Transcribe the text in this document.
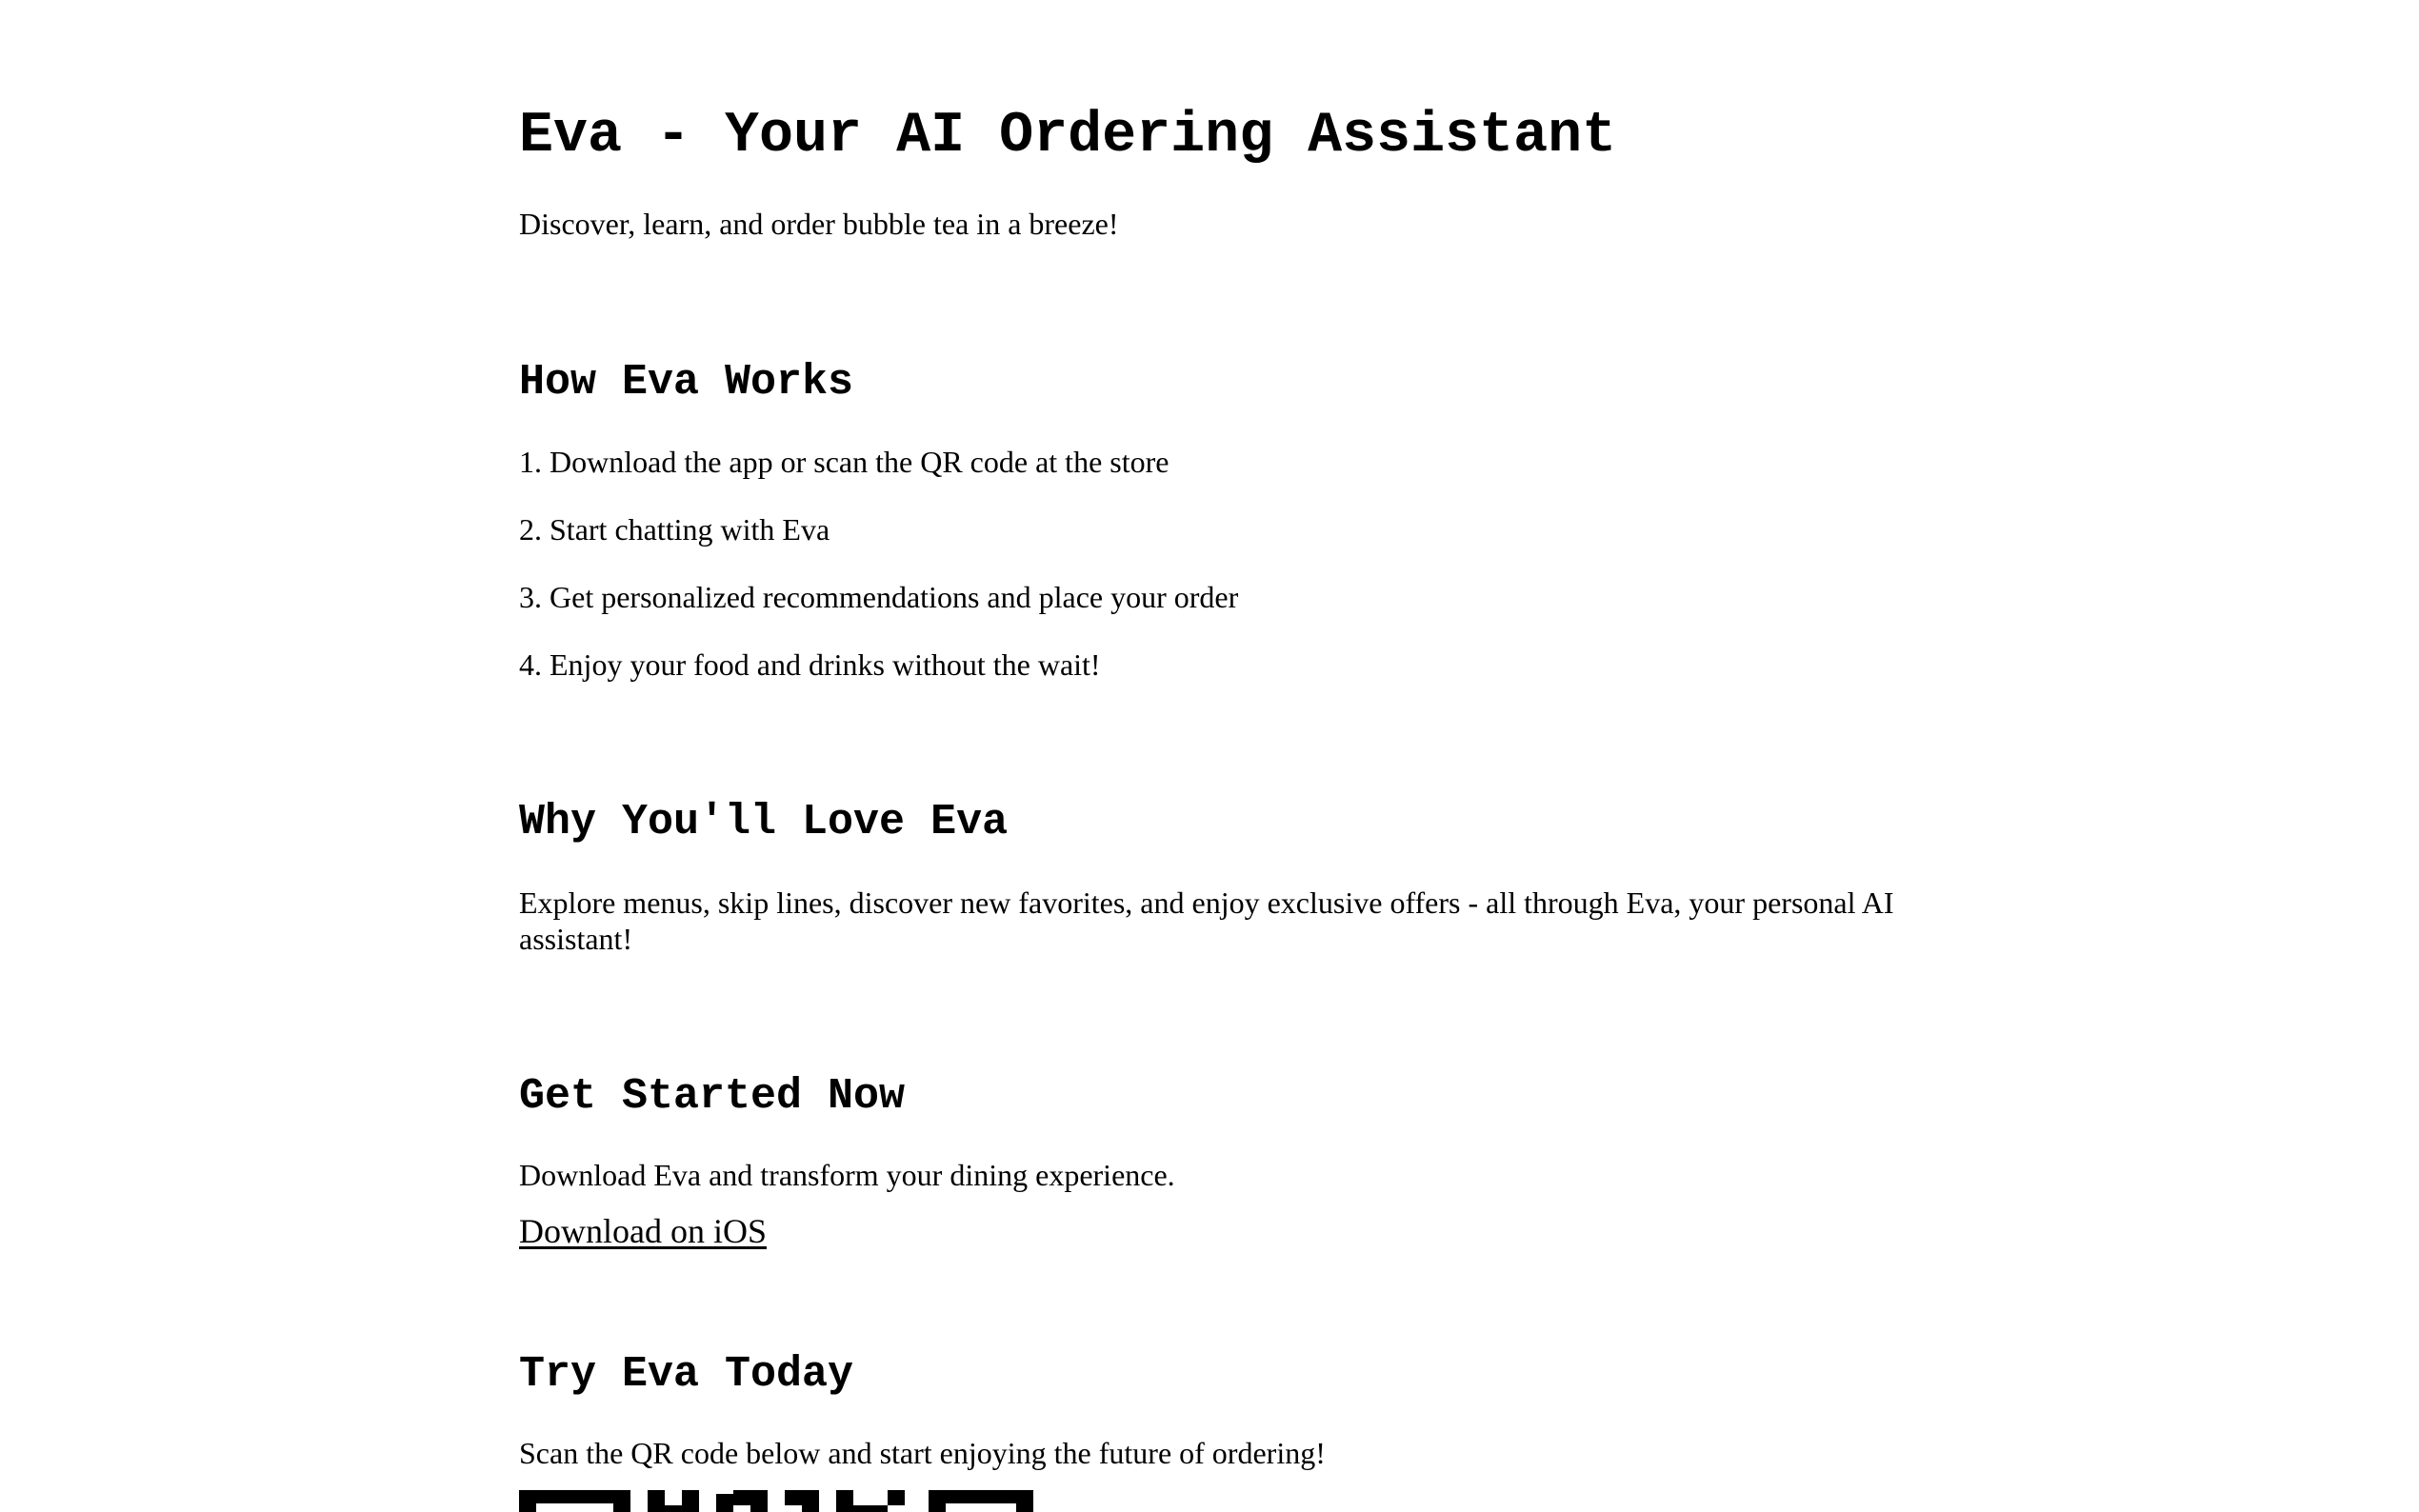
Eva - Your AI Ordering Assistant

Discover, learn, and order bubble tea in a breeze!

How Eva Works

1. Download the app or scan the QR code at the store

2. Start chatting with Eva

3. Get personalized recommendations and place your order

4. Enjoy your food and drinks without the wait!

Why You'll Love Eva

Explore menus, skip lines, discover new favorites, and enjoy exclusive offers - all through Eva, your personal AI assistant!

Get Started Now

Download Eva and transform your dining experience.

Download on iOS
Try Eva Today

Scan the QR code below and start enjoying the future of ordering!
